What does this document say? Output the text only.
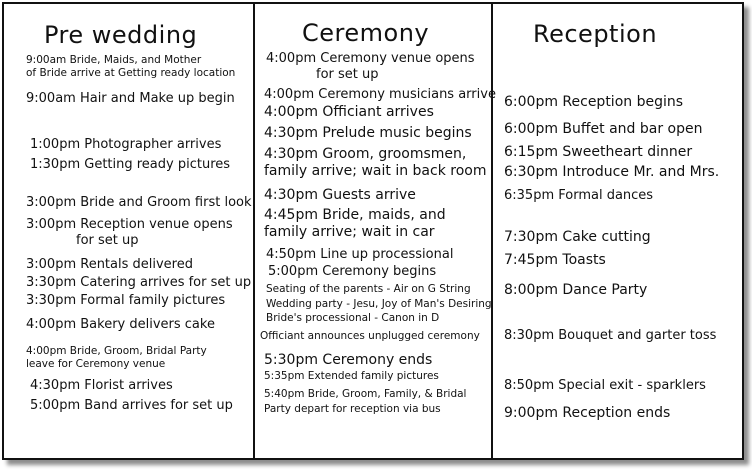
Pre wedding
9:00am Bride, Maids, and Mother
of Bride arrive at Getting ready location
9:00am Hair and Make up begin
1:00pm Photographer arrives
1:30pm Getting ready pictures
3:00pm Bride and Groom first look
3:00pm Reception venue opens
for set up
3:00pm Rentals delivered
3:30pm Catering arrives for set up
3:30pm Formal family pictures
4:00pm Bakery delivers cake
4:00pm Bride, Groom, Bridal Party
leave for Ceremony venue
4:30pm Florist arrives
5:00pm Band arrives for set up
Ceremony
4:00pm Ceremony venue opens
for set up
4:00pm Ceremony musicians arrive
4:00pm Officiant arrives
4:30pm Prelude music begins
4:30pm Groom, groomsmen,
family arrive; wait in back room
4:30pm Guests arrive
4:45pm Bride, maids, and
family arrive; wait in car
4:50pm Line up processional
5:00pm Ceremony begins
Seating of the parents - Air on G String
Wedding party - Jesu, Joy of Man's Desiring
Bride's processional - Canon in D
Officiant announces unplugged ceremony
5:30pm Ceremony ends
5:35pm Extended family pictures
5:40pm Bride, Groom, Family, & Bridal
Party depart for reception via bus
Reception
6:00pm Reception begins
6:00pm Buffet and bar open
6:15pm Sweetheart dinner
6:30pm Introduce Mr. and Mrs.
6:35pm Formal dances
7:30pm Cake cutting
7:45pm Toasts
8:00pm Dance Party
8:30pm Bouquet and garter toss
8:50pm Special exit - sparklers
9:00pm Reception ends
